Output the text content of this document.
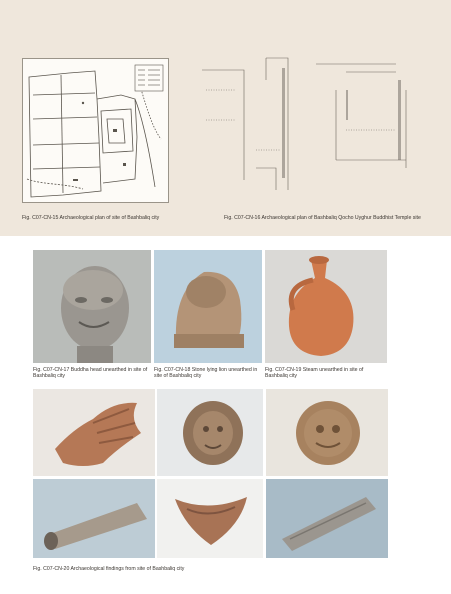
Fig. C07-CN-15 Archaeological plan of site of Bashbaliq city	Fig. C07-CN-16 Archaeological plan of Bashbaliq Qocho Uyghur Buddhist Temple site
Fig. C07-CN-17 Buddha head unearthed in site of Bashbaliq city
Fig. C07-CN-18 Stone lying lion unearthed in site of Bashbaliq city
Fig. C07-CN-19 Steam unearthed in site of Bashbaliq city
Fig. C07-CN-20 Archaeological findings from site of Bashbaliq city
